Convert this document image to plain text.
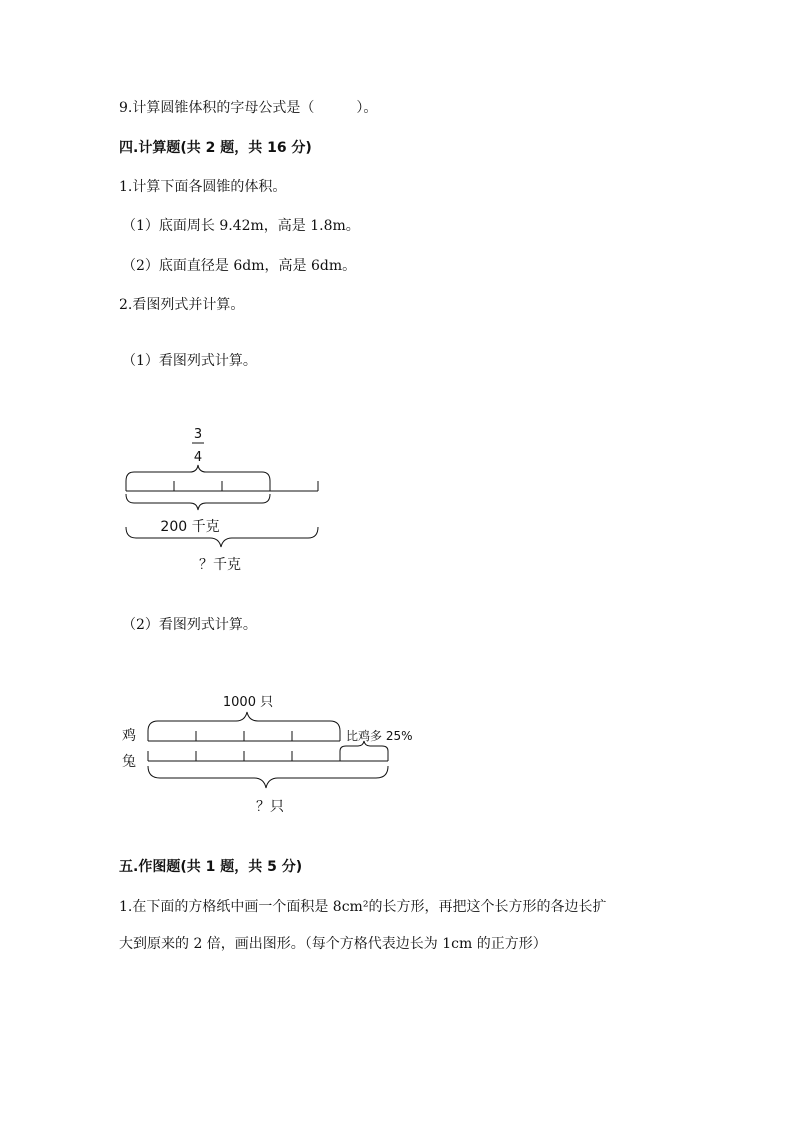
9.计算圆锥体积的字母公式是（　　　）。
四.计算题(共 2 题，共 16 分)
1.计算下面各圆锥的体积。
（1）底面周长 9.42m，高是 1.8m。
（2）底面直径是 6dm，高是 6dm。
2.看图列式并计算。
（1）看图列式计算。
3
4
200 千克
？千克
（2）看图列式计算。
1000 只
鸡
兔
比鸡多 25%
？只
五.作图题(共 1 题，共 5 分)
1.在下面的方格纸中画一个面积是 8cm²的长方形，再把这个长方形的各边长扩
大到原来的 2 倍，画出图形。（每个方格代表边长为 1cm 的正方形）
